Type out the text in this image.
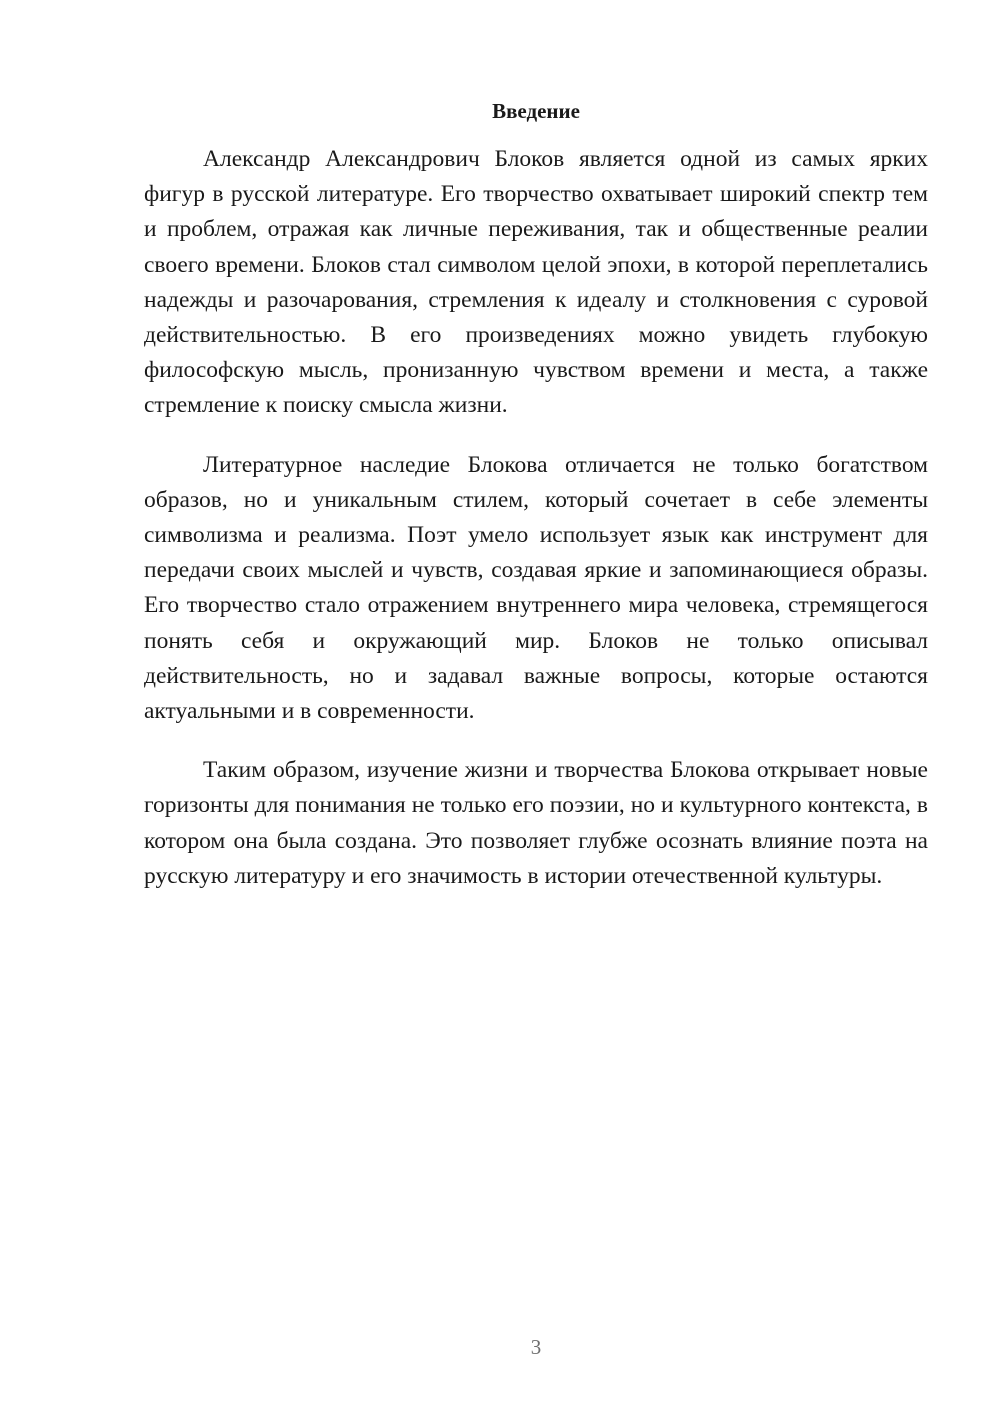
Введение

Александр Александрович Блоков является одной из самых ярких фигур в русской литературе. Его творчество охватывает широкий спектр тем и проблем, отражая как личные переживания, так и общественные реалии своего времени. Блоков стал символом целой эпохи, в которой переплетались надежды и разочарования, стремления к идеалу и столкновения с суровой действительностью. В его произведениях можно увидеть глубокую философскую мысль, пронизанную чувством времени и места, а также стремление к поиску смысла жизни.

Литературное наследие Блокова отличается не только богатством образов, но и уникальным стилем, который сочетает в себе элементы символизма и реализма. Поэт умело использует язык как инструмент для передачи своих мыслей и чувств, создавая яркие и запоминающиеся образы. Его творчество стало отражением внутреннего мира человека, стремящегося понять себя и окружающий мир. Блоков не только описывал действительность, но и задавал важные вопросы, которые остаются актуальными и в современности.

Таким образом, изучение жизни и творчества Блокова открывает новые горизонты для понимания не только его поэзии, но и культурного контекста, в котором она была создана. Это позволяет глубже осознать влияние поэта на русскую литературу и его значимость в истории отечественной культуры.

3
